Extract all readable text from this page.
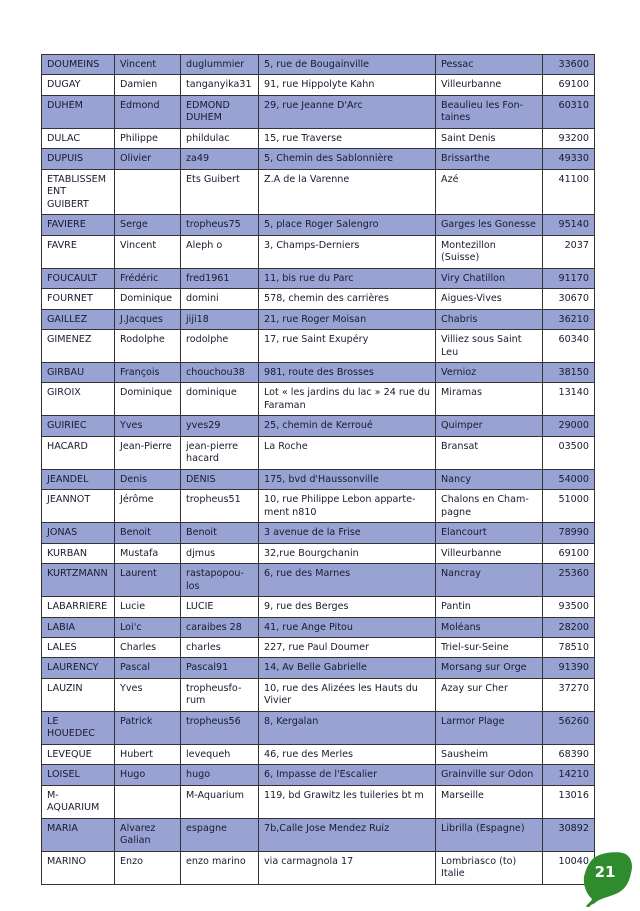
DOUMEINS	Vincent	duglummier	5, rue de Bougainville	Pessac	33600
DUGAY	Damien	tanganyika31	91, rue Hippolyte Kahn	Villeurbanne	69100
DUHEM	Edmond	EDMOND DUHEM	29, rue Jeanne D'Arc	Beaulieu les Fon-taines	60310
DULAC	Philippe	phildulac	15, rue Traverse	Saint Denis	93200
DUPUIS	Olivier	za49	5, Chemin des Sablonnière	Brissarthe	49330
ETABLISSEMENT GUIBERT		Ets Guibert	Z.A de la Varenne	Azé	41100
FAVIERE	Serge	tropheus75	5, place Roger Salengro	Garges les Gonesse	95140
FAVRE	Vincent	Aleph o	3, Champs-Derniers	Montezillon (Suisse)	2037
FOUCAULT	Frédéric	fred1961	11, bis rue du Parc	Viry Chatillon	91170
FOURNET	Dominique	domini	578, chemin des carrières	Aigues-Vives	30670
GAILLEZ	J.Jacques	jiji18	21, rue Roger Moisan	Chabris	36210
GIMENEZ	Rodolphe	rodolphe	17, rue Saint Exupéry	Villiez sous Saint Leu	60340
GIRBAU	François	chouchou38	981, route des Brosses	Vernioz	38150
GIROIX	Dominique	dominique	Lot « les jardins du lac » 24 rue du Faraman	Miramas	13140
GUIRIEC	Yves	yves29	25, chemin de Kerroué	Quimper	29000
HACARD	Jean-Pierre	jean-pierre hacard	La Roche	Bransat	03500
JEANDEL	Denis	DENIS	175, bvd d'Haussonville	Nancy	54000
JEANNOT	Jérôme	tropheus51	10, rue Philippe Lebon apparte-ment n810	Chalons en Cham-pagne	51000
JONAS	Benoit	Benoit	3 avenue de la Frise	Elancourt	78990
KURBAN	Mustafa	djmus	32,rue Bourgchanin	Villeurbanne	69100
KURTZMANN	Laurent	rastapopou-los	6, rue des Marnes	Nancray	25360
LABARRIERE	Lucie	LUCIE	9, rue des Berges	Pantin	93500
LABIA	Loi'c	caraibes 28	41, rue Ange Pitou	Moléans	28200
LALES	Charles	charles	227, rue Paul Doumer	Triel-sur-Seine	78510
LAURENCY	Pascal	Pascal91	14, Av Belle Gabrielle	Morsang sur Orge	91390
LAUZIN	Yves	tropheusfo-rum	10, rue des Alizées les Hauts du Vivier	Azay sur Cher	37270
LE HOUEDEC	Patrick	tropheus56	8, Kergalan	Larmor Plage	56260
LEVEQUE	Hubert	levequeh	46, rue des Merles	Sausheim	68390
LOISEL	Hugo	hugo	6, Impasse de l'Escalier	Grainville sur Odon	14210
M-AQUARIUM		M-Aquarium	119, bd Grawitz les tuileries bt m	Marseille	13016
MARIA	Alvarez Galian	espagne	7b,Calle Jose Mendez Ruiz	Librilla (Espagne)	30892
MARINO	Enzo	enzo marino	via carmagnola 17	Lombriasco (to) Italie	10040
21
